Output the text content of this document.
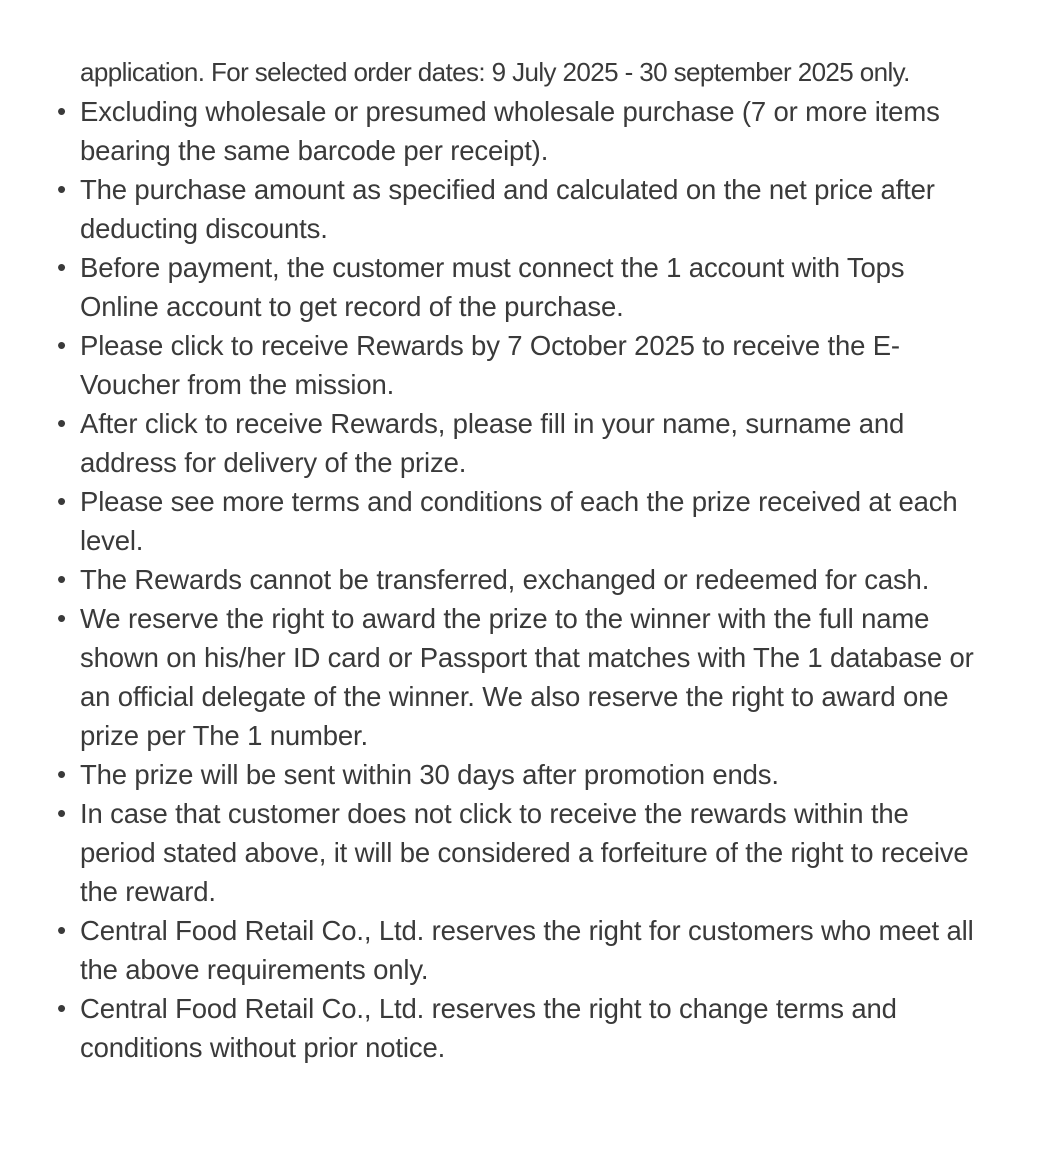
application. For selected order dates: 9 July 2025 - 30 september 2025 only.

• Excluding wholesale or presumed wholesale purchase (7 or more items bearing the same barcode per receipt).
• The purchase amount as specified and calculated on the net price after deducting discounts.
• Before payment, the customer must connect the 1 account with Tops Online account to get record of the purchase.
• Please click to receive Rewards by 7 October 2025 to receive the E-Voucher from the mission.
• After click to receive Rewards, please fill in your name, surname and address for delivery of the prize.
• Please see more terms and conditions of each the prize received at each level.
• The Rewards cannot be transferred, exchanged or redeemed for cash.
• We reserve the right to award the prize to the winner with the full name shown on his/her ID card or Passport that matches with The 1 database or an official delegate of the winner. We also reserve the right to award one prize per The 1 number.
• The prize will be sent within 30 days after promotion ends.
• In case that customer does not click to receive the rewards within the period stated above, it will be considered a forfeiture of the right to receive the reward.
• Central Food Retail Co., Ltd. reserves the right for customers who meet all the above requirements only.
• Central Food Retail Co., Ltd. reserves the right to change terms and conditions without prior notice.
